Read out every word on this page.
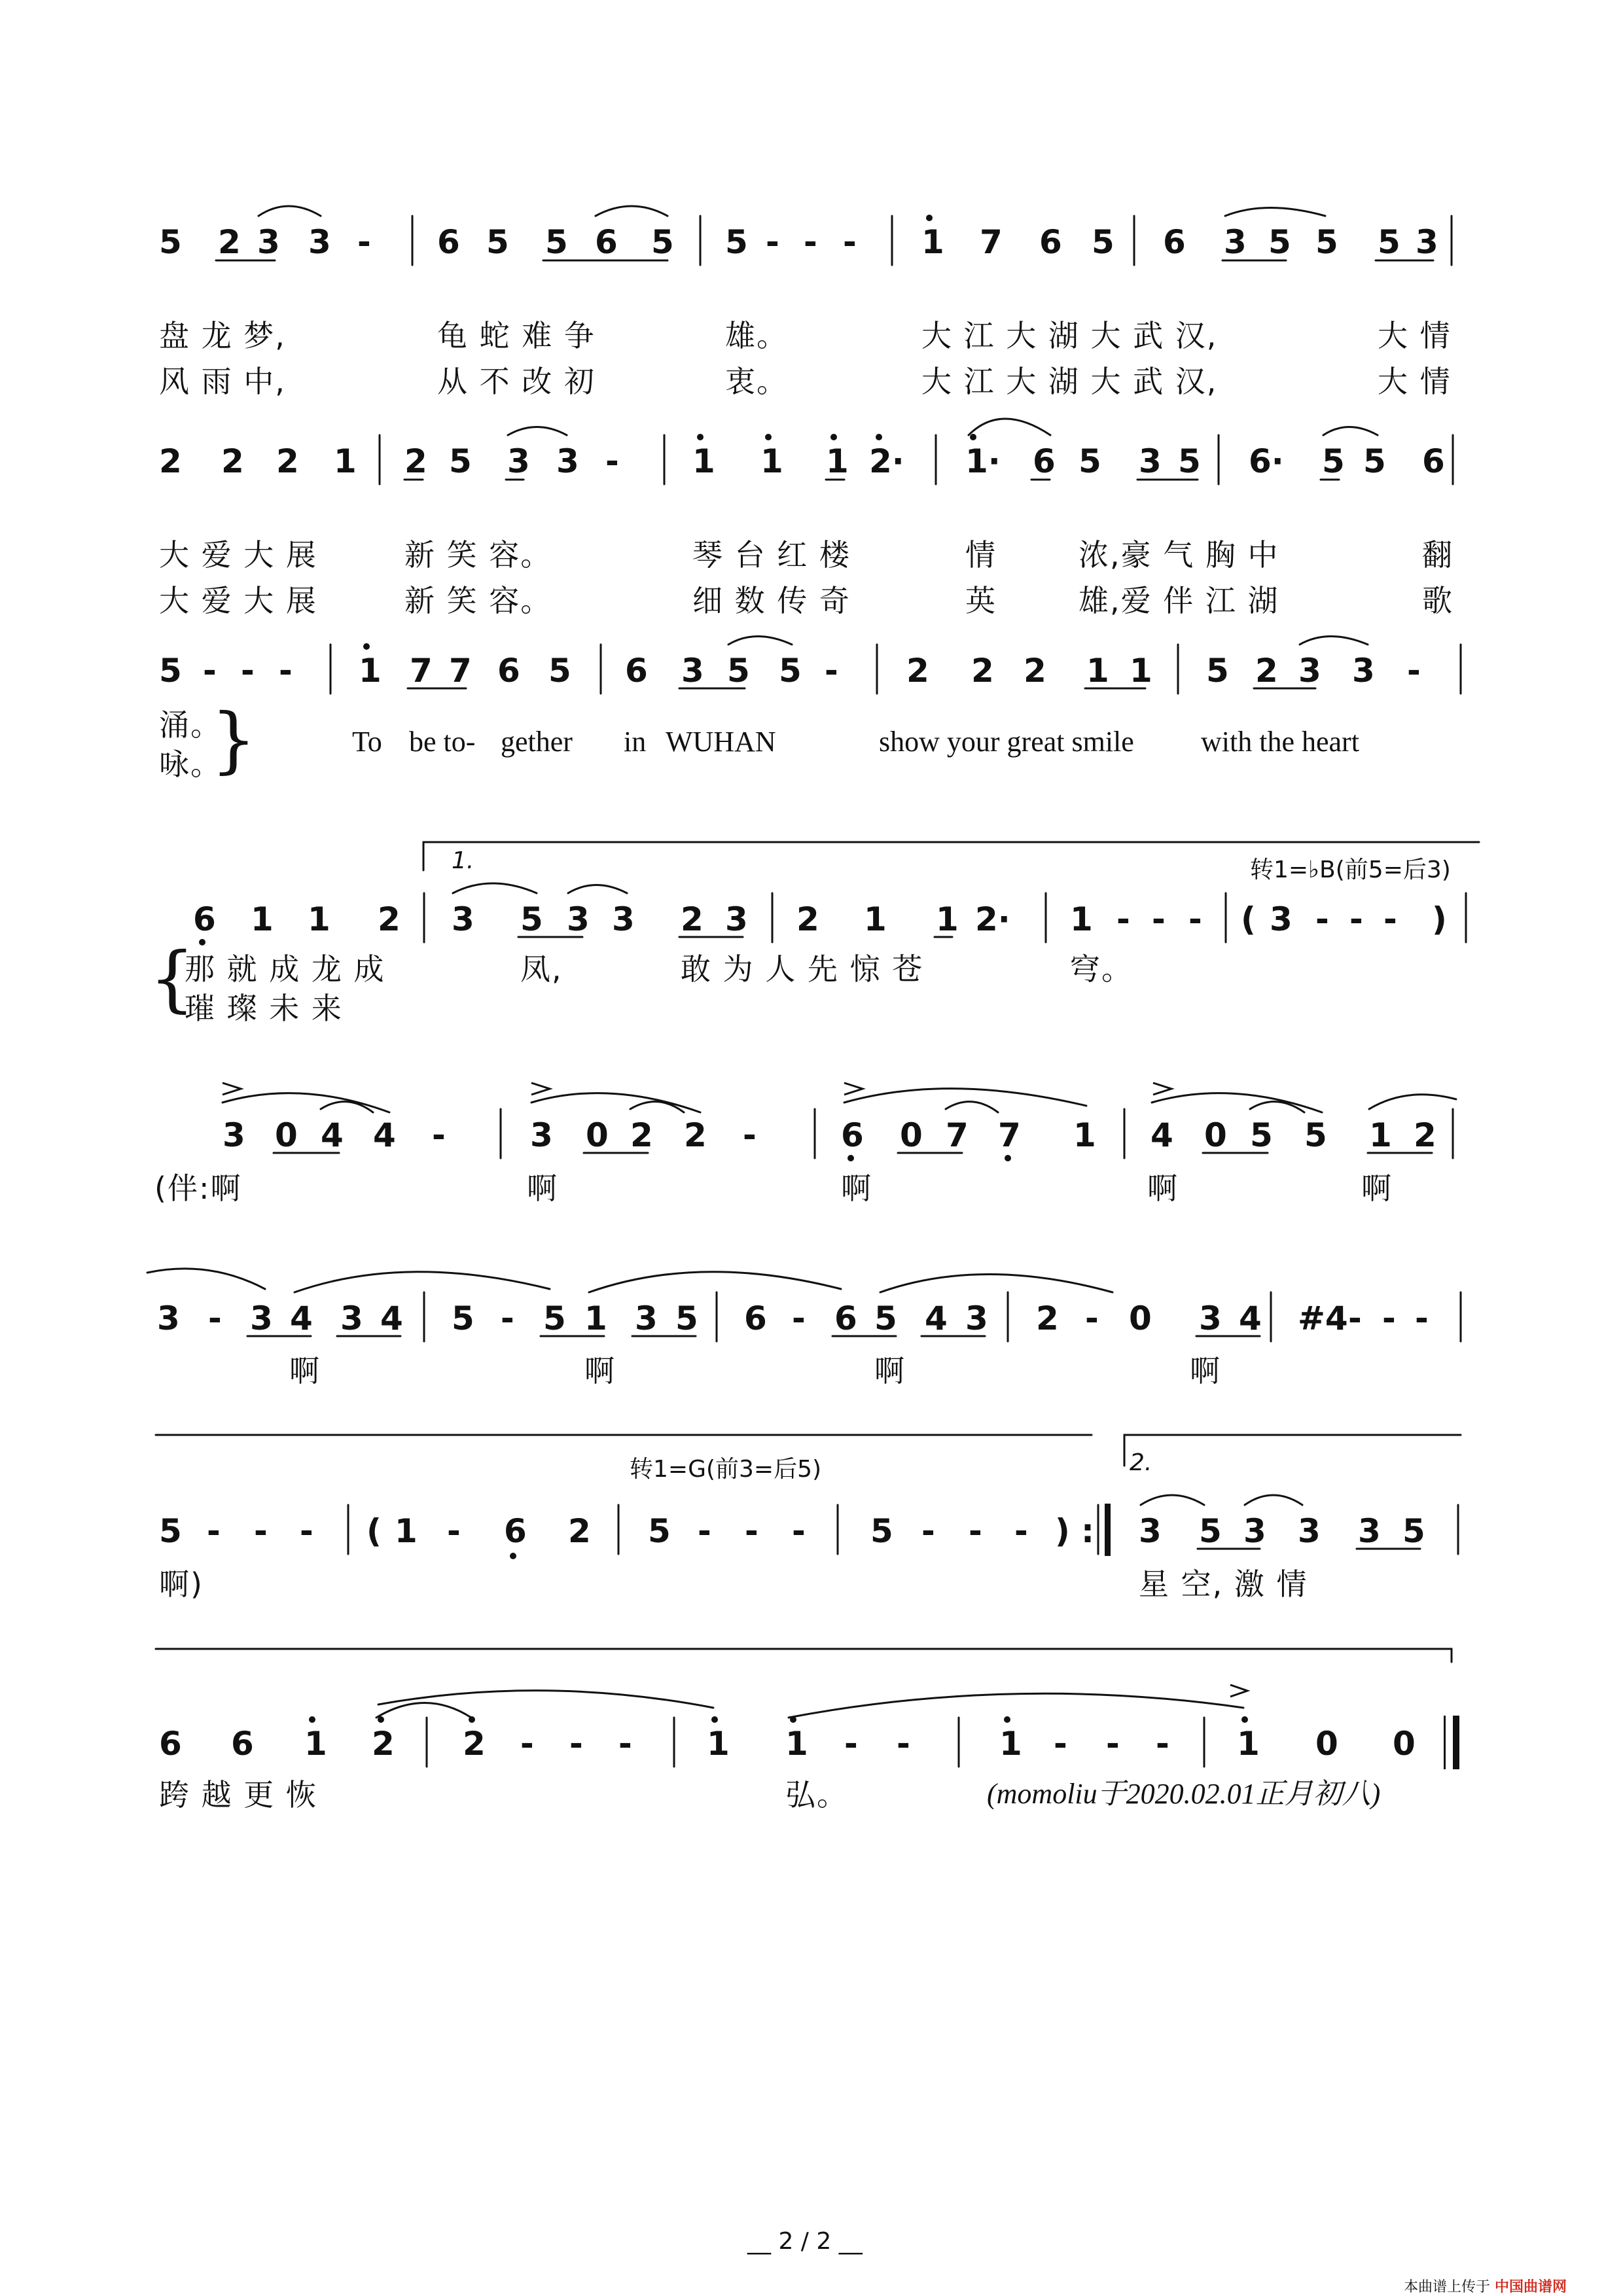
5 2 3 3 - 6 5 5 6 5 5 - - - 1 7 6 5 6 3 5 5 5 3
盘 龙 梦,	龟 蛇 难 争	雄。	大 江 大 湖 大 武 汉,	大 情
风 雨 中,	从 不 改 初	衷。	大 江 大 湖 大 武 汉,	大 情
2 2 2 1 2 5 3 3 - 1 1 1 2· 1· 6 5 3 5 6· 5 5 6
大 爱 大 展	新 笑 容。	琴 台 红 楼	情	浓,豪 气 胸 中	翻
大 爱 大 展	新 笑 容。	细 数 传 奇	英	雄,爱 伴 江 湖	歌
5 - - - 1 7 7 6 5 6 3 5 5 - 2 2 2 1 1 5 2 3 3 -
涌。
咏。
}	To be to- gether in WUHAN	show your great smile with the heart
1.	转1=♭B(前5=后3)
6 1 1 2 3 5 3 3 2 3 2 1 1 2· 1 - - - ( 3 - - - )
{
那 就 成 龙 成	凤,	敢 为 人 先 惊 苍	穹。
璀 璨 未 来
3 0 4 4 -	3 0 2 2 -	6 0 7 7 1 4 0 5 5 1 2
(伴:啊	啊	啊	啊	啊
3 - 3 4 3 4 5 - 5 1 3 5 6 - 6 5 4 3 2 - 0 3 4 #4 - - -
啊	啊	啊	啊
转1=G(前3=后5)	2.
5 - - - ( 1 - 6 2 5 - - - 5 - - - ) : 3 5 3 3 3 5
啊)	星 空, 激 情
6 6 1 2 2 - - - 1 1 - -	1 - - - 1 0 0
跨 越 更 恢	弘。	(momoliu于2020.02.01正月初八)
__ 2 / 2 __
本曲谱上传于 中国曲谱网
